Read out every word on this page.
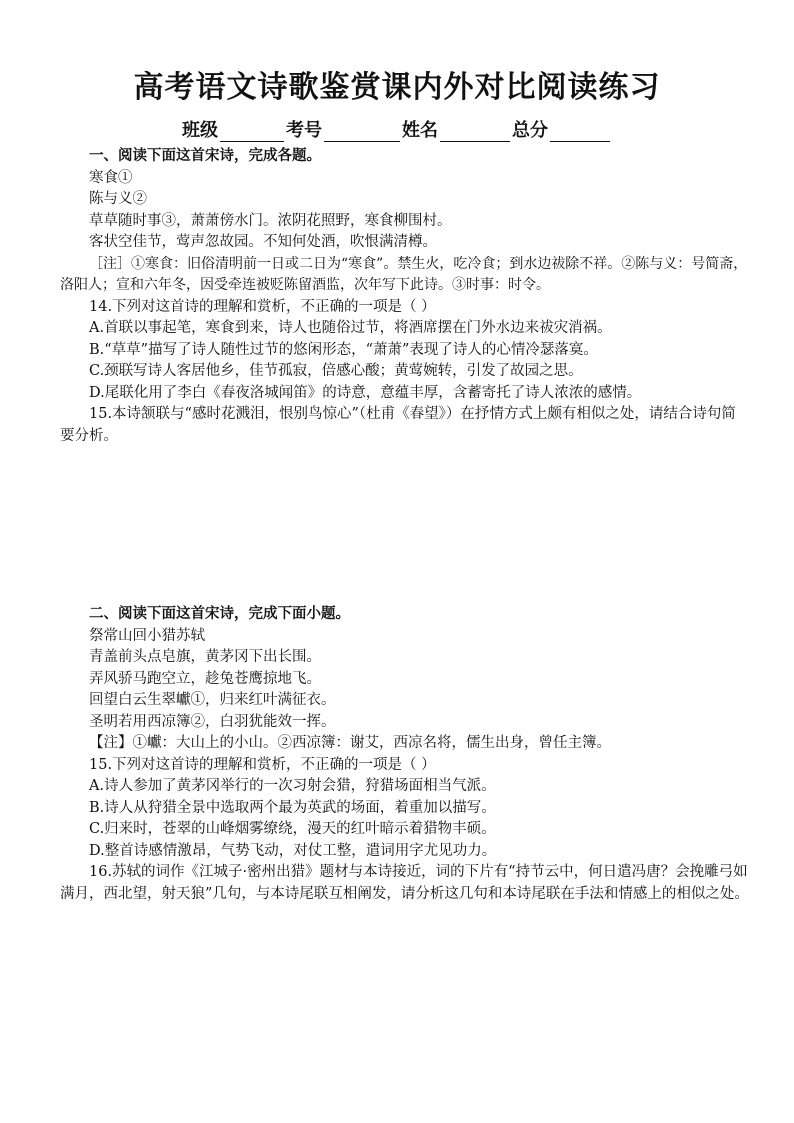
高考语文诗歌鉴赏课内外对比阅读练习
班级	考号	姓名	总分
一、阅读下面这首宋诗，完成各题。
寒食①
陈与义②
草草随时事③，萧萧傍水门。浓阴花照野，寒食柳围村。
客状空佳节，莺声忽故园。不知何处酒，吹恨满清樽。
［注］①寒食：旧俗清明前一日或二日为“寒食”。禁生火，吃冷食；到水边祓除不祥。②陈与义：号简斋，洛阳人；宣和六年冬，因受牵连被贬陈留酒监，次年写下此诗。③时事：时令。
14.下列对这首诗的理解和赏析，不正确的一项是（ ）
A.首联以事起笔，寒食到来，诗人也随俗过节，将酒席摆在门外水边来祓灾消祸。
B.“草草”描写了诗人随性过节的悠闲形态，“萧萧”表现了诗人的心情冷瑟落寞。
C.颈联写诗人客居他乡，佳节孤寂，倍感心酸；黄莺婉转，引发了故园之思。
D.尾联化用了李白《春夜洛城闻笛》的诗意，意蕴丰厚，含蓄寄托了诗人浓浓的感情。
15.本诗颔联与“感时花溅泪，恨别鸟惊心”（杜甫《春望》）在抒情方式上颇有相似之处，请结合诗句简要分析。
二、阅读下面这首宋诗，完成下面小题。
祭常山回小猎苏轼
青盖前头点皂旗，黄茅冈下出长围。
弄风骄马跑空立，趁兔苍鹰掠地飞。
回望白云生翠巘①，归来红叶满征衣。
圣明若用西凉簿②，白羽犹能效一挥。
【注】①巘：大山上的小山。②西凉簿：谢艾，西凉名将，儒生出身，曾任主簿。
15.下列对这首诗的理解和赏析，不正确的一项是（ ）
A.诗人参加了黄茅冈举行的一次习射会猎，狩猎场面相当气派。
B.诗人从狩猎全景中选取两个最为英武的场面，着重加以描写。
C.归来时，苍翠的山峰烟雾缭绕，漫天的红叶暗示着猎物丰硕。
D.整首诗感情激昂，气势飞动，对仗工整，遣词用字尤见功力。
16.苏轼的词作《江城子·密州出猎》题材与本诗接近，词的下片有“持节云中，何日遣冯唐？会挽雕弓如满月，西北望，射天狼”几句，与本诗尾联互相阐发，请分析这几句和本诗尾联在手法和情感上的相似之处。
